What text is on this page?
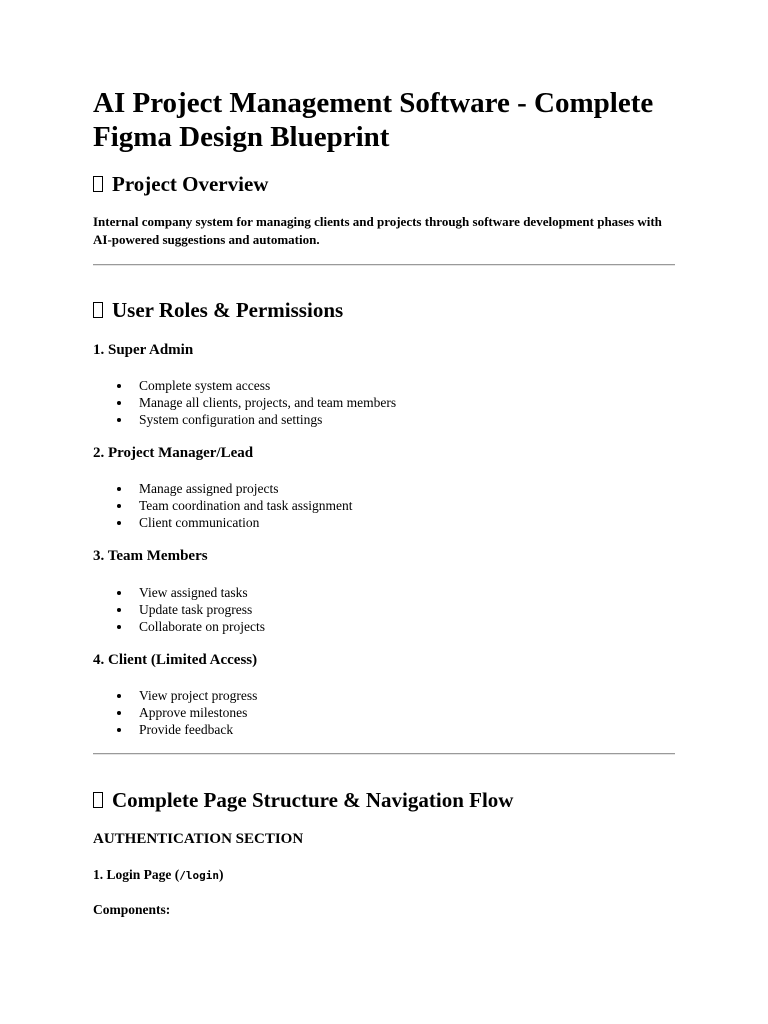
AI Project Management Software - Complete Figma Design Blueprint
Project Overview

Internal company system for managing clients and projects through software development phases with AI-powered suggestions and automation.

User Roles & Permissions
1. Super Admin
Complete system access
Manage all clients, projects, and team members
System configuration and settings
2. Project Manager/Lead
Manage assigned projects
Team coordination and task assignment
Client communication
3. Team Members
View assigned tasks
Update task progress
Collaborate on projects
4. Client (Limited Access)
View project progress
Approve milestones
Provide feedback
Complete Page Structure & Navigation Flow
AUTHENTICATION SECTION
1. Login Page (/login)
Components:
